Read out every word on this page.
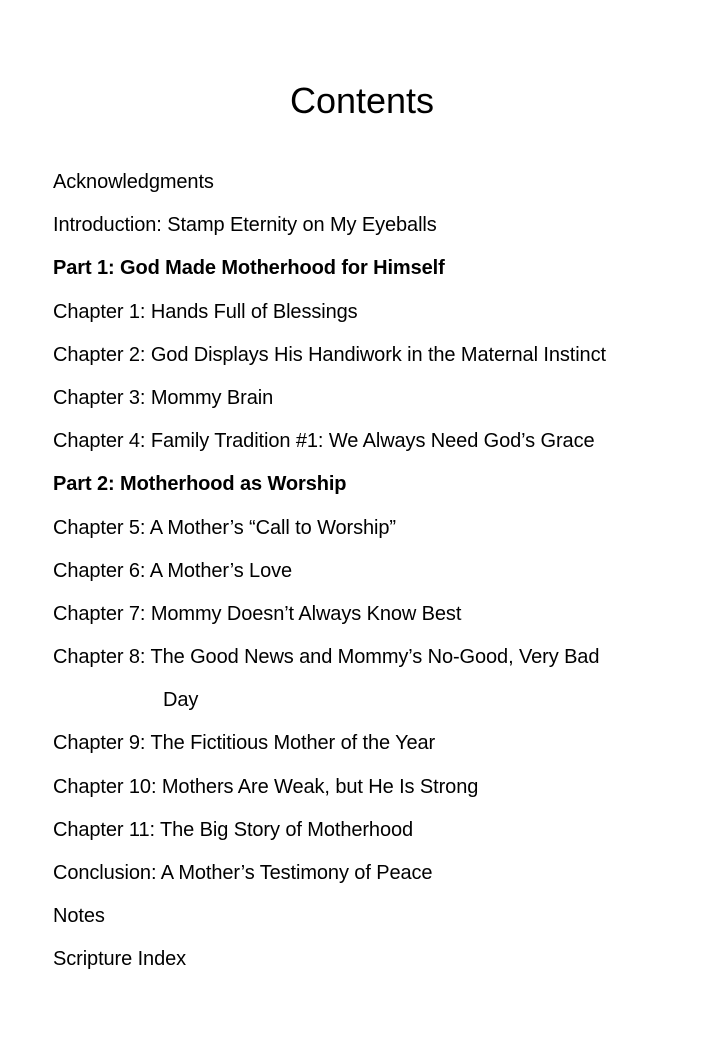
Contents
Acknowledgments
Introduction: Stamp Eternity on My Eyeballs
Part 1: God Made Motherhood for Himself
Chapter 1: Hands Full of Blessings
Chapter 2: God Displays His Handiwork in the Maternal Instinct
Chapter 3: Mommy Brain
Chapter 4: Family Tradition #1: We Always Need God’s Grace
Part 2: Motherhood as Worship
Chapter 5: A Mother’s “Call to Worship”
Chapter 6: A Mother’s Love
Chapter 7: Mommy Doesn’t Always Know Best
Chapter 8: The Good News and Mommy’s No-Good, Very Bad
Day
Chapter 9: The Fictitious Mother of the Year
Chapter 10: Mothers Are Weak, but He Is Strong
Chapter 11: The Big Story of Motherhood
Conclusion: A Mother’s Testimony of Peace
Notes
Scripture Index
